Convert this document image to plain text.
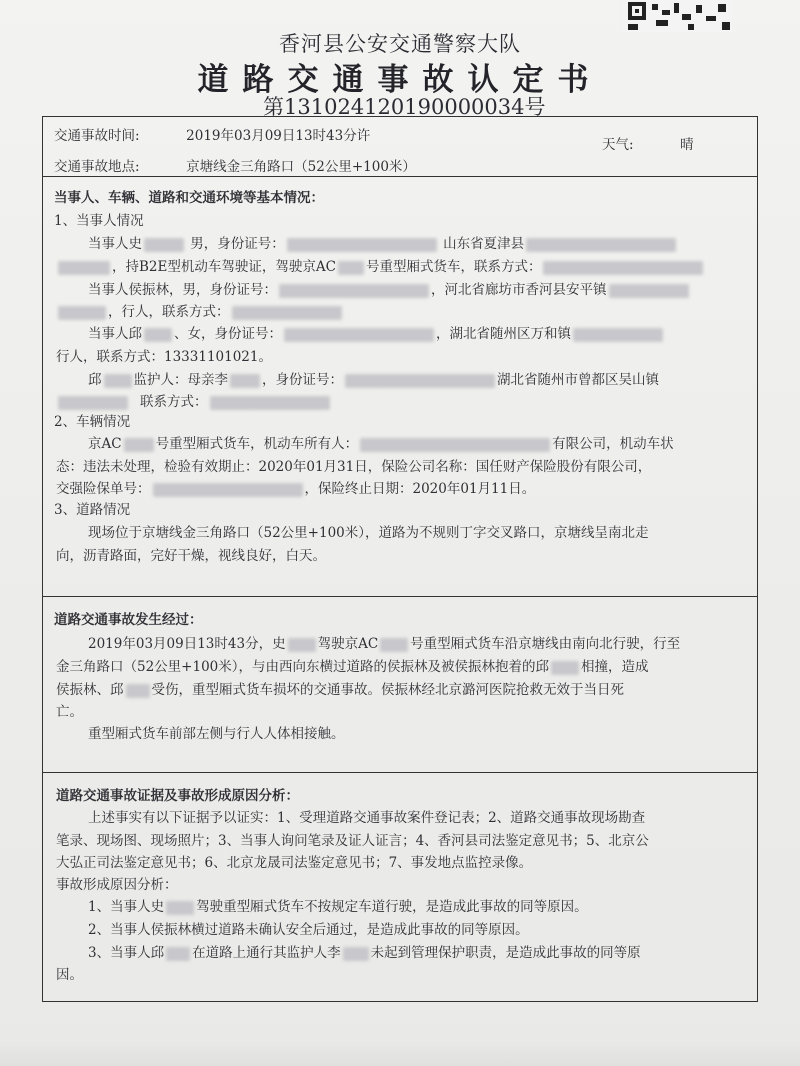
香河县公安交通警察大队
道路交通事故认定书
第131024120190000034号
交通事故时间:	2019年03月09日13时43分许
天气:	晴
交通事故地点:	京塘线金三角路口（52公里+100米）
当事人、车辆、道路和交通环境等基本情况：
1、当事人情况
当事人史	男，身份证号：	山东省夏津县
，持B2E型机动车驾驶证，驾驶京AC 号重型厢式货车，联系方式：
当事人侯振林，男，身份证号：	，河北省廊坊市香河县安平镇
，行人，联系方式：
当事人邱 、女，身份证号：	，湖北省随州区万和镇
行人，联系方式：13331101021。
邱 监护人：母亲李	，身份证号：	湖北省随州市曾都区吴山镇
联系方式：
2、车辆情况
京AC	号重型厢式货车，机动车所有人：	有限公司，机动车状
态：违法未处理，检验有效期止：2020年01月31日，保险公司名称：国任财产保险股份有限公司，
交强险保单号：	，保险终止日期：2020年01月11日。
3、道路情况
现场位于京塘线金三角路口（52公里+100米），道路为不规则丁字交叉路口，京塘线呈南北走
向，沥青路面，完好干燥，视线良好，白天。
道路交通事故发生经过：
2019年03月09日13时43分，史 驾驶京AC 号重型厢式货车沿京塘线由南向北行驶，行至
金三角路口（52公里+100米），与由西向东横过道路的侯振林及被侯振林抱着的邱 相撞，造成
侯振林、邱 受伤，重型厢式货车损坏的交通事故。侯振林经北京潞河医院抢救无效于当日死
亡。
重型厢式货车前部左侧与行人人体相接触。
道路交通事故证据及事故形成原因分析：
上述事实有以下证据予以证实：1、受理道路交通事故案件登记表；2、道路交通事故现场勘查
笔录、现场图、现场照片；3、当事人询问笔录及证人证言；4、香河县司法鉴定意见书；5、北京公
大弘正司法鉴定意见书；6、北京龙晟司法鉴定意见书；7、事发地点监控录像。
事故形成原因分析：
1、当事人史 驾驶重型厢式货车不按规定车道行驶，是造成此事故的同等原因。
2、当事人侯振林横过道路未确认安全后通过，是造成此事故的同等原因。
3、当事人邱 在道路上通行其监护人李 未起到管理保护职责，是造成此事故的同等原
因。
